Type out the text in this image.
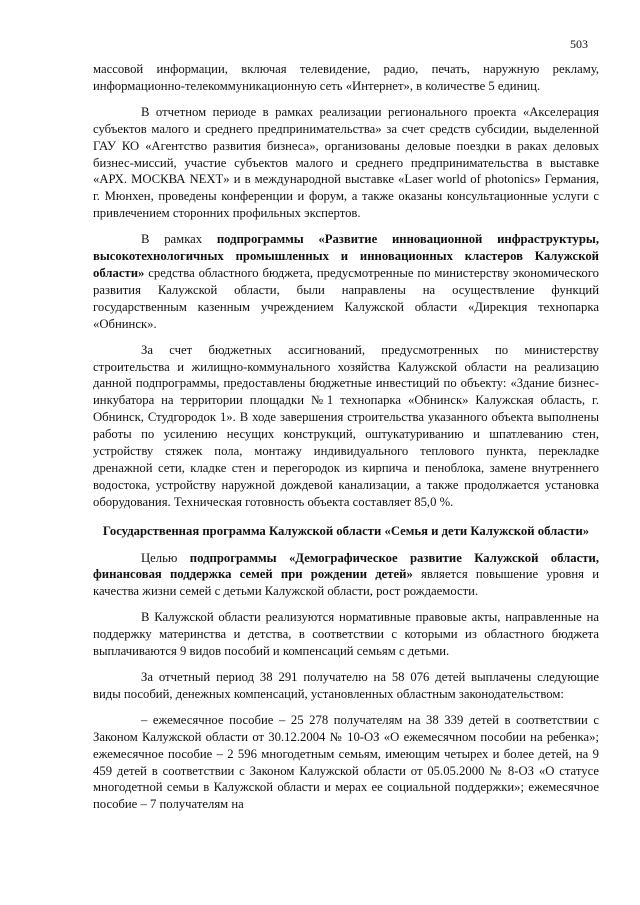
503

массовой информации, включая телевидение, радио, печать, наружную рекламу, информационно-телекоммуникационную сеть «Интернет», в количестве 5 единиц.

В отчетном периоде в рамках реализации регионального проекта «Акселерация субъектов малого и среднего предпринимательства» за счет средств субсидии, выделенной ГАУ КО «Агентство развития бизнеса», организованы деловые поездки в раках деловых бизнес-миссий, участие субъектов малого и среднего предпринимательства в выставке «АРХ. МОСКВА NEXT» и в международной выставке «Laser world of photonics» Германия, г. Мюнхен, проведены конференции и форум, а также оказаны консультационные услуги с привлечением сторонних профильных экспертов.

В рамках подпрограммы «Развитие инновационной инфраструктуры, высокотехнологичных промышленных и инновационных кластеров Калужской области» средства областного бюджета, предусмотренные по министерству экономического развития Калужской области, были направлены на осуществление функций государственным казенным учреждением Калужской области «Дирекция технопарка «Обнинск».

За счет бюджетных ассигнований, предусмотренных по министерству строительства и жилищно-коммунального хозяйства Калужской области на реализацию данной подпрограммы, предоставлены бюджетные инвестиций по объекту: «Здание бизнес-инкубатора на территории площадки №1 технопарка «Обнинск» Калужская область, г. Обнинск, Студгородок 1». В ходе завершения строительства указанного объекта выполнены работы по усилению несущих конструкций, оштукатуриванию и шпатлеванию стен, устройству стяжек пола, монтажу индивидуального теплового пункта, перекладке дренажной сети, кладке стен и перегородок из кирпича и пеноблока, замене внутреннего водостока, устройству наружной дождевой канализации, а также продолжается установка оборудования. Техническая готовность объекта составляет 85,0 %.

Государственная программа Калужской области «Семья и дети Калужской области»

Целью подпрограммы «Демографическое развитие Калужской области, финансовая поддержка семей при рождении детей» является повышение уровня и качества жизни семей с детьми Калужской области, рост рождаемости.

В Калужской области реализуются нормативные правовые акты, направленные на поддержку материнства и детства, в соответствии с которыми из областного бюджета выплачиваются 9 видов пособий и компенсаций семьям с детьми.

За отчетный период 38 291 получателю на 58 076 детей выплачены следующие виды пособий, денежных компенсаций, установленных областным законодательством:

– ежемесячное пособие – 25 278 получателям на 38 339 детей в соответствии с Законом Калужской области от 30.12.2004 № 10-ОЗ «О ежемесячном пособии на ребенка»; ежемесячное пособие – 2 596 многодетным семьям, имеющим четырех и более детей, на 9 459 детей в соответствии с Законом Калужской области от 05.05.2000 № 8-ОЗ «О статусе многодетной семьи в Калужской области и мерах ее социальной поддержки»; ежемесячное пособие – 7 получателям на
